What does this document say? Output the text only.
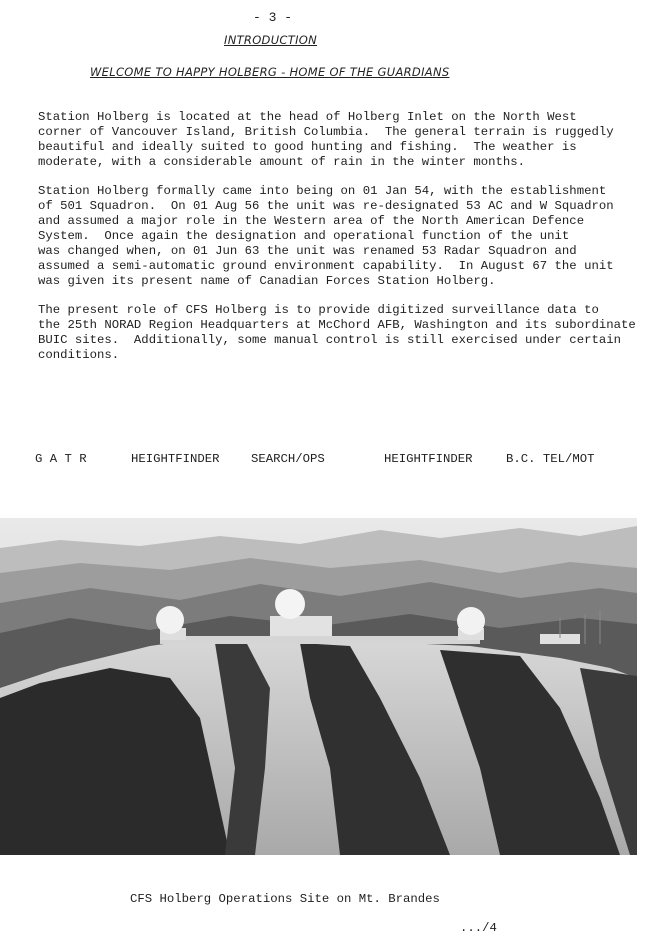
- 3 -
INTRODUCTION
WELCOME TO HAPPY HOLBERG - HOME OF THE GUARDIANS
Station Holberg is located at the head of Holberg Inlet on the North West
corner of Vancouver Island, British Columbia.  The general terrain is ruggedly
beautiful and ideally suited to good hunting and fishing.  The weather is
moderate, with a considerable amount of rain in the winter months.
Station Holberg formally came into being on 01 Jan 54, with the establishment
of 501 Squadron.  On 01 Aug 56 the unit was re-designated 53 AC and W Squadron
and assumed a major role in the Western area of the North American Defence
System.  Once again the designation and operational function of the unit
was changed when, on 01 Jun 63 the unit was renamed 53 Radar Squadron and
assumed a semi-automatic ground environment capability.  In August 67 the unit
was given its present name of Canadian Forces Station Holberg.
The present role of CFS Holberg is to provide digitized surveillance data to
the 25th NORAD Region Headquarters at McChord AFB, Washington and its subordinate
BUIC sites.  Additionally, some manual control is still exercised under certain
conditions.
G A T R	HEIGHTFINDER	SEARCH/OPS	HEIGHTFINDER	B.C. TEL/MOT
CFS Holberg Operations Site on Mt. Brandes
.../4
